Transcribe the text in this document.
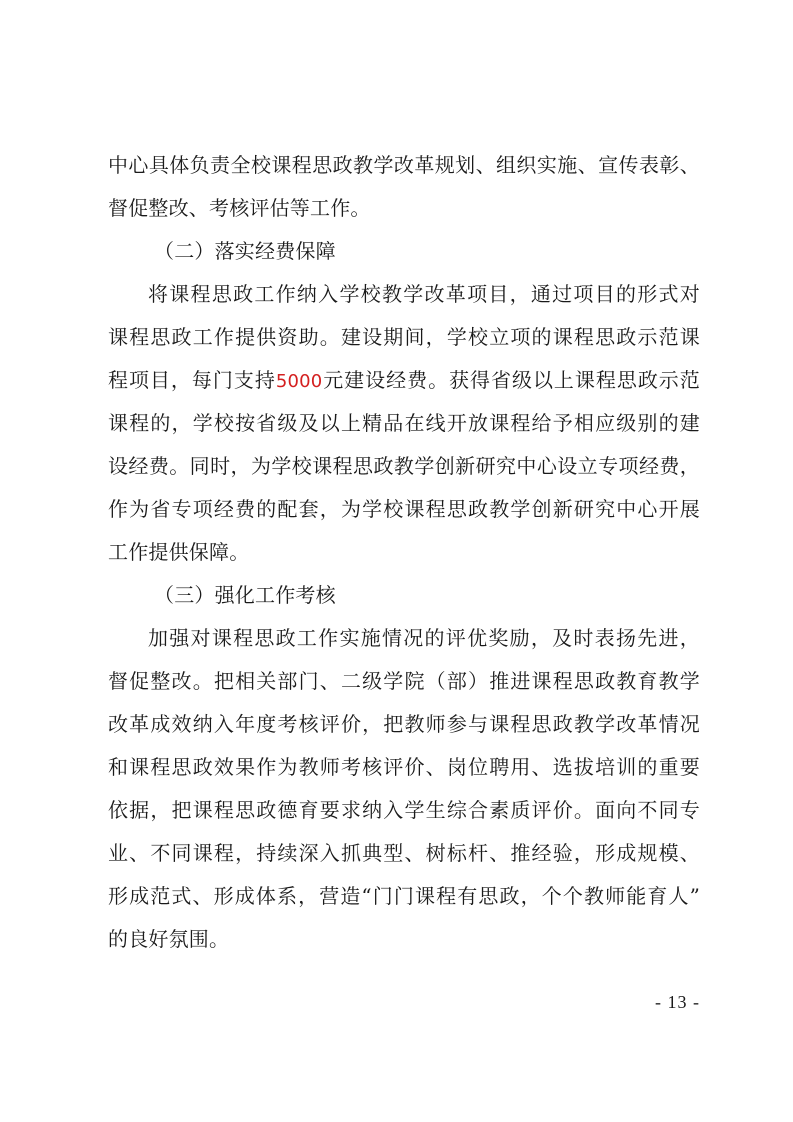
中心具体负责全校课程思政教学改革规划、组织实施、宣传表彰、
督促整改、考核评估等工作。
（二）落实经费保障
将课程思政工作纳入学校教学改革项目，通过项目的形式对
课程思政工作提供资助。建设期间，学校立项的课程思政示范课
程项目，每门支持5000元建设经费。获得省级以上课程思政示范
课程的，学校按省级及以上精品在线开放课程给予相应级别的建
设经费。同时，为学校课程思政教学创新研究中心设立专项经费，
作为省专项经费的配套，为学校课程思政教学创新研究中心开展
工作提供保障。
（三）强化工作考核
加强对课程思政工作实施情况的评优奖励，及时表扬先进，
督促整改。把相关部门、二级学院（部）推进课程思政教育教学
改革成效纳入年度考核评价，把教师参与课程思政教学改革情况
和课程思政效果作为教师考核评价、岗位聘用、选拔培训的重要
依据，把课程思政德育要求纳入学生综合素质评价。面向不同专
业、不同课程，持续深入抓典型、树标杆、推经验，形成规模、
形成范式、形成体系，营造“门门课程有思政，个个教师能育人”
的良好氛围。
- 13 -
